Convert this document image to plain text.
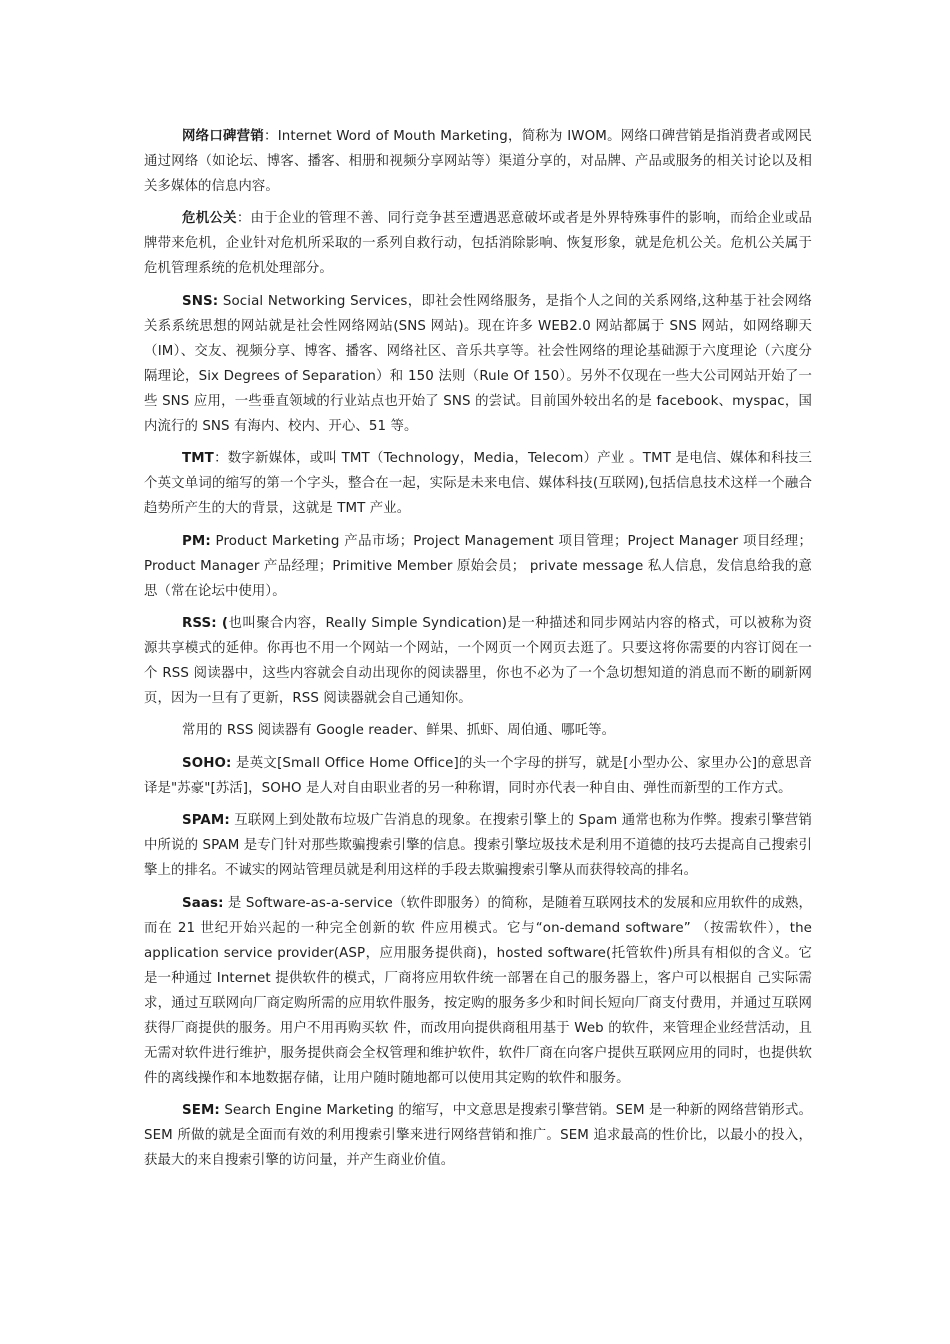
网络口碑营销：Internet Word of Mouth Marketing，简称为 IWOM。网络口碑营销是指消费者或网民通过网络（如论坛、博客、播客、相册和视频分享网站等）渠道分享的，对品牌、产品或服务的相关讨论以及相关多媒体的信息内容。

危机公关：由于企业的管理不善、同行竞争甚至遭遇恶意破坏或者是外界特殊事件的影响，而给企业或品牌带来危机，企业针对危机所采取的一系列自救行动，包括消除影响、恢复形象，就是危机公关。危机公关属于危机管理系统的危机处理部分。

SNS: Social Networking Services，即社会性网络服务，是指个人之间的关系网络,这种基于社会网络关系系统思想的网站就是社会性网络网站(SNS 网站)。现在许多 WEB2.0 网站都属于 SNS 网站，如网络聊天（IM）、交友、视频分享、博客、播客、网络社区、音乐共享等。社会性网络的理论基础源于六度理论（六度分隔理论，Six Degrees of Separation）和 150 法则（Rule Of 150）。另外不仅现在一些大公司网站开始了一些 SNS 应用，一些垂直领域的行业站点也开始了 SNS 的尝试。目前国外较出名的是 facebook、myspac，国内流行的 SNS 有海内、校内、开心、51 等。

TMT：数字新媒体，或叫 TMT（Technology，Media，Telecom）产业 。TMT 是电信、媒体和科技三个英文单词的缩写的第一个字头，整合在一起，实际是未来电信、媒体科技(互联网),包括信息技术这样一个融合趋势所产生的大的背景，这就是 TMT 产业。

PM: Product Marketing 产品市场；Project Management 项目管理；Project Manager 项目经理；Product Manager 产品经理；Primitive Member 原始会员； private message 私人信息，发信息给我的意思（常在论坛中使用）。

RSS: (也叫聚合内容，Really Simple Syndication)是一种描述和同步网站内容的格式，可以被称为资源共享模式的延伸。你再也不用一个网站一个网站，一个网页一个网页去逛了。只要这将你需要的内容订阅在一个 RSS 阅读器中，这些内容就会自动出现你的阅读器里，你也不必为了一个急切想知道的消息而不断的刷新网页，因为一旦有了更新，RSS 阅读器就会自己通知你。

常用的 RSS 阅读器有 Google reader、鲜果、抓虾、周伯通、哪吒等。

SOHO: 是英文[Small Office Home Office]的头一个字母的拼写，就是[小型办公、家里办公]的意思音译是"苏豪"[苏活]，SOHO 是人对自由职业者的另一种称谓，同时亦代表一种自由、弹性而新型的工作方式。

SPAM: 互联网上到处散布垃圾广告消息的现象。在搜索引擎上的 Spam 通常也称为作弊。搜索引擎营销中所说的 SPAM 是专门针对那些欺骗搜索引擎的信息。搜索引擎垃圾技术是利用不道德的技巧去提高自己搜索引擎上的排名。不诚实的网站管理员就是利用这样的手段去欺骗搜索引擎从而获得较高的排名。

Saas: 是 Software-as-a-service（软件即服务）的简称，是随着互联网技术的发展和应用软件的成熟，而在 21 世纪开始兴起的一种完全创新的软 件应用模式。它与“on-demand software” （按需软件），the application service provider(ASP，应用服务提供商)，hosted software(托管软件)所具有相似的含义。它是一种通过 Internet 提供软件的模式，厂商将应用软件统一部署在自己的服务器上，客户可以根据自 己实际需求，通过互联网向厂商定购所需的应用软件服务，按定购的服务多少和时间长短向厂商支付费用，并通过互联网获得厂商提供的服务。用户不用再购买软 件，而改用向提供商租用基于 Web 的软件，来管理企业经营活动，且无需对软件进行维护，服务提供商会全权管理和维护软件，软件厂商在向客户提供互联网应用的同时，也提供软件的离线操作和本地数据存储，让用户随时随地都可以使用其定购的软件和服务。

SEM: Search Engine Marketing 的缩写，中文意思是搜索引擎营销。SEM 是一种新的网络营销形式。SEM 所做的就是全面而有效的利用搜索引擎来进行网络营销和推广。SEM 追求最高的性价比，以最小的投入，获最大的来自搜索引擎的访问量，并产生商业价值。
